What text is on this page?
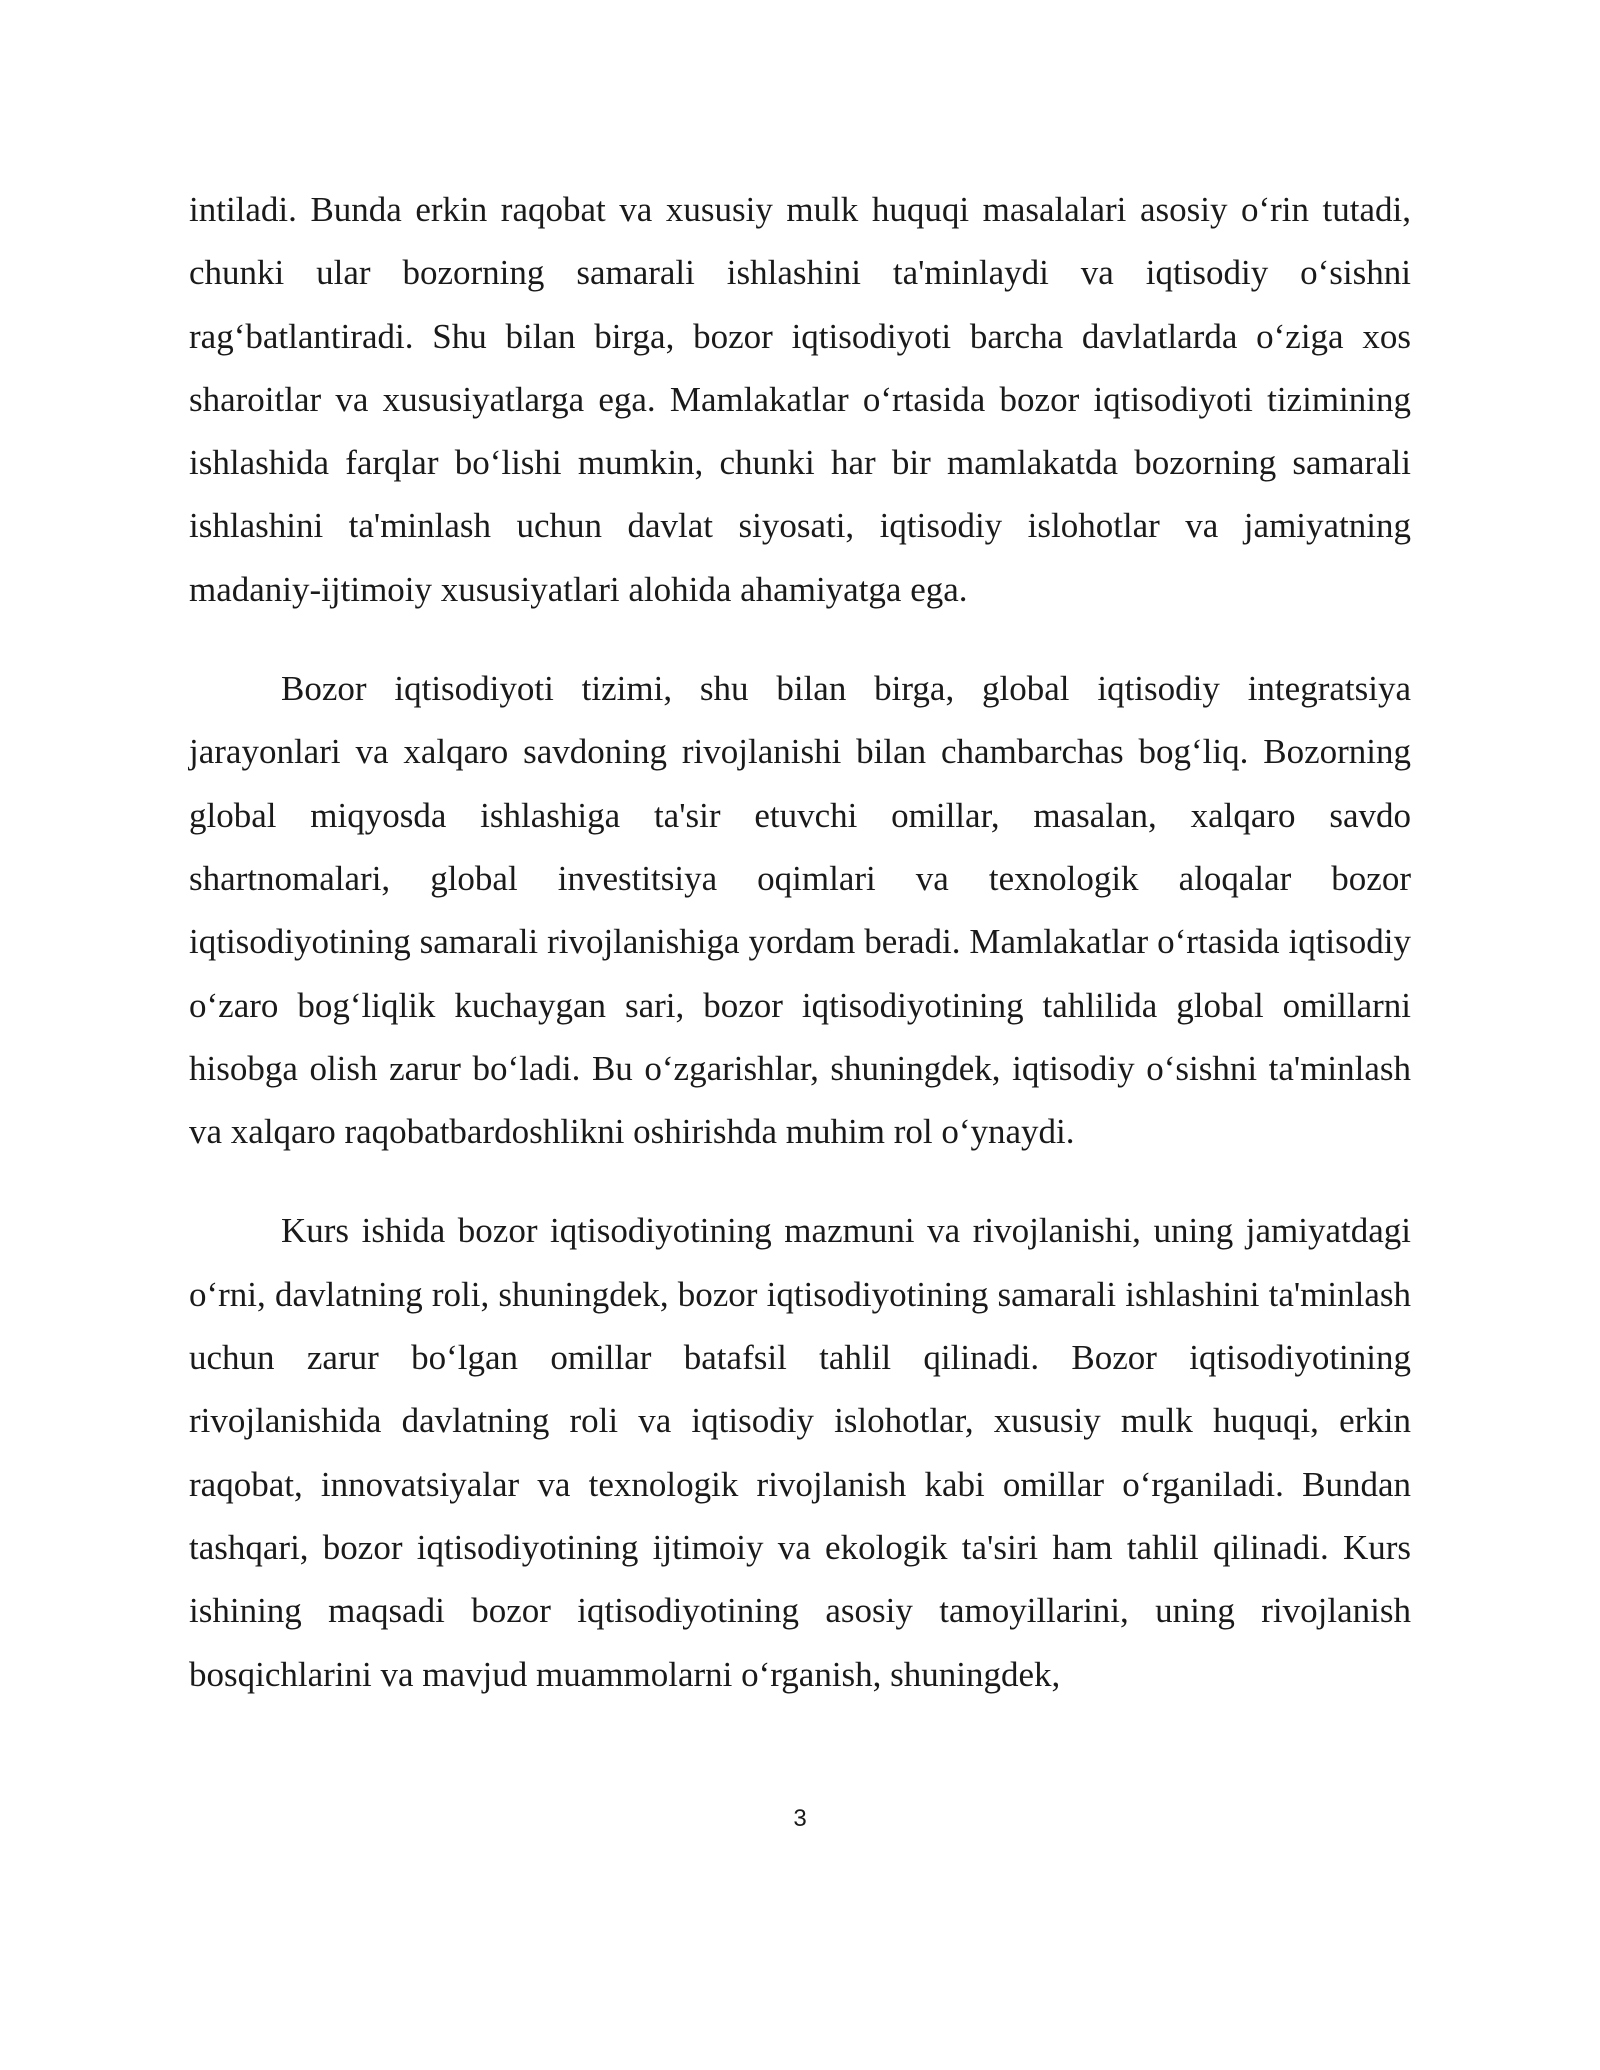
intiladi. Bunda erkin raqobat va xususiy mulk huquqi masalalari asosiy o‘rin tutadi, chunki ular bozorning samarali ishlashini ta'minlaydi va iqtisodiy o‘sishni rag‘batlantiradi. Shu bilan birga, bozor iqtisodiyoti barcha davlatlarda o‘ziga xos sharoitlar va xususiyatlarga ega. Mamlakatlar o‘rtasida bozor iqtisodiyoti tizimining ishlashida farqlar bo‘lishi mumkin, chunki har bir mamlakatda bozorning samarali ishlashini ta'minlash uchun davlat siyosati, iqtisodiy islohotlar va jamiyatning madaniy-ijtimoiy xususiyatlari alohida ahamiyatga ega.

Bozor iqtisodiyoti tizimi, shu bilan birga, global iqtisodiy integratsiya jarayonlari va xalqaro savdoning rivojlanishi bilan chambarchas bog‘liq. Bozorning global miqyosda ishlashiga ta'sir etuvchi omillar, masalan, xalqaro savdo shartnomalari, global investitsiya oqimlari va texnologik aloqalar bozor iqtisodiyotining samarali rivojlanishiga yordam beradi. Mamlakatlar o‘rtasida iqtisodiy o‘zaro bog‘liqlik kuchaygan sari, bozor iqtisodiyotining tahlilida global omillarni hisobga olish zarur bo‘ladi. Bu o‘zgarishlar, shuningdek, iqtisodiy o‘sishni ta'minlash va xalqaro raqobatbardoshlikni oshirishda muhim rol o‘ynaydi.

Kurs ishida bozor iqtisodiyotining mazmuni va rivojlanishi, uning jamiyatdagi o‘rni, davlatning roli, shuningdek, bozor iqtisodiyotining samarali ishlashini ta'minlash uchun zarur bo‘lgan omillar batafsil tahlil qilinadi. Bozor iqtisodiyotining rivojlanishida davlatning roli va iqtisodiy islohotlar, xususiy mulk huquqi, erkin raqobat, innovatsiyalar va texnologik rivojlanish kabi omillar o‘rganiladi. Bundan tashqari, bozor iqtisodiyotining ijtimoiy va ekologik ta'siri ham tahlil qilinadi. Kurs ishining maqsadi bozor iqtisodiyotining asosiy tamoyillarini, uning rivojlanish bosqichlarini va mavjud muammolarni o‘rganish, shuningdek,

3
